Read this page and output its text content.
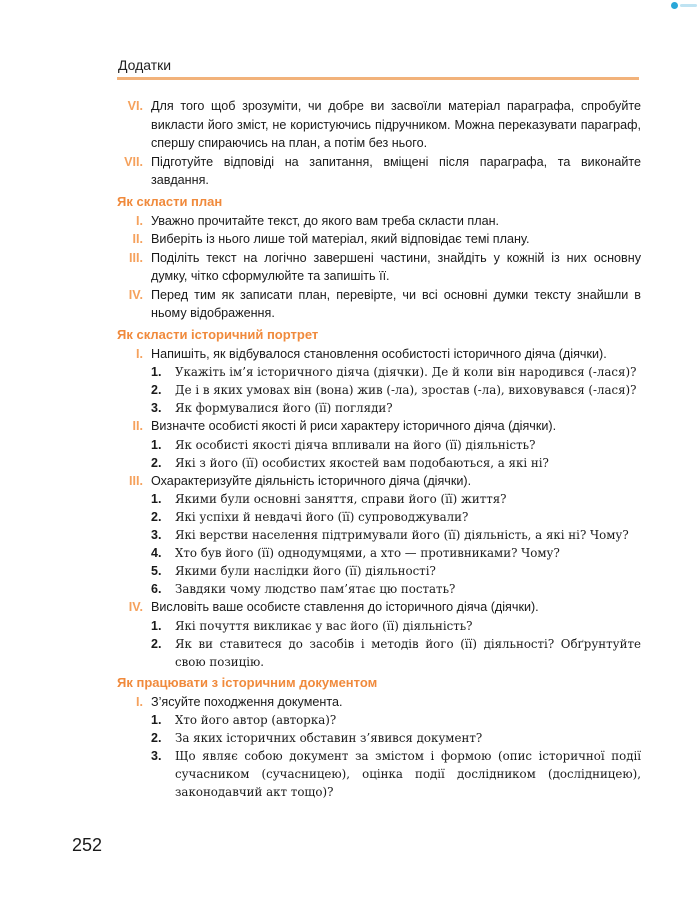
Додатки
VI. Для того щоб зрозуміти, чи добре ви засвоїли матеріал параграфа, спробуйте викласти його зміст, не користуючись підручником. Можна переказувати параграф, спершу спираючись на план, а потім без нього.
VII. Підготуйте відповіді на запитання, вміщені після параграфа, та виконайте завдання.
Як скласти план
I. Уважно прочитайте текст, до якого вам треба скласти план.
II. Виберіть із нього лише той матеріал, який відповідає темі плану.
III. Поділіть текст на логічно завершені частини, знайдіть у кожній із них основну думку, чітко сформулюйте та запишіть її.
IV. Перед тим як записати план, перевірте, чи всі основні думки тексту знайшли в ньому відображення.
Як скласти історичний портрет
I. Напишіть, як відбувалося становлення особистості історичного діяча (діячки).
1.	Укажіть ім’я історичного діяча (діячки). Де й коли він народився (-лася)?
2.	Де і в яких умовах він (вона) жив (-ла), зростав (-ла), виховувався (-лася)?
3.	Як формувалися його (її) погляди?
II. Визначте особисті якості й риси характеру історичного діяча (діячки).
1.	Як особисті якості діяча впливали на його (її) діяльність?
2.	Які з його (її) особистих якостей вам подобаються, а які ні?
III. Охарактеризуйте діяльність історичного діяча (діячки).
1.	Якими були основні заняття, справи його (її) життя?
2.	Які успіхи й невдачі його (її) супроводжували?
3.	Які верстви населення підтримували його (її) діяльність, а які ні? Чому?
4.	Хто був його (її) однодумцями, а хто — противниками? Чому?
5.	Якими були наслідки його (її) діяльності?
6.	Завдяки чому людство пам’ятає цю постать?
IV. Висловіть ваше особисте ставлення до історичного діяча (діячки).
1.	Які почуття викликає у вас його (її) діяльність?
2.	Як ви ставитеся до засобів і методів його (її) діяльності? Обґрунтуйте свою позицію.
Як працювати з історичним документом
I. З’ясуйте походження документа.
1.	Хто його автор (авторка)?
2.	За яких історичних обставин з’явився документ?
3.	Що являє собою документ за змістом і формою (опис історичної події сучасником (сучасницею), оцінка події дослідником (дослідницею), законодавчий акт тощо)?
252
